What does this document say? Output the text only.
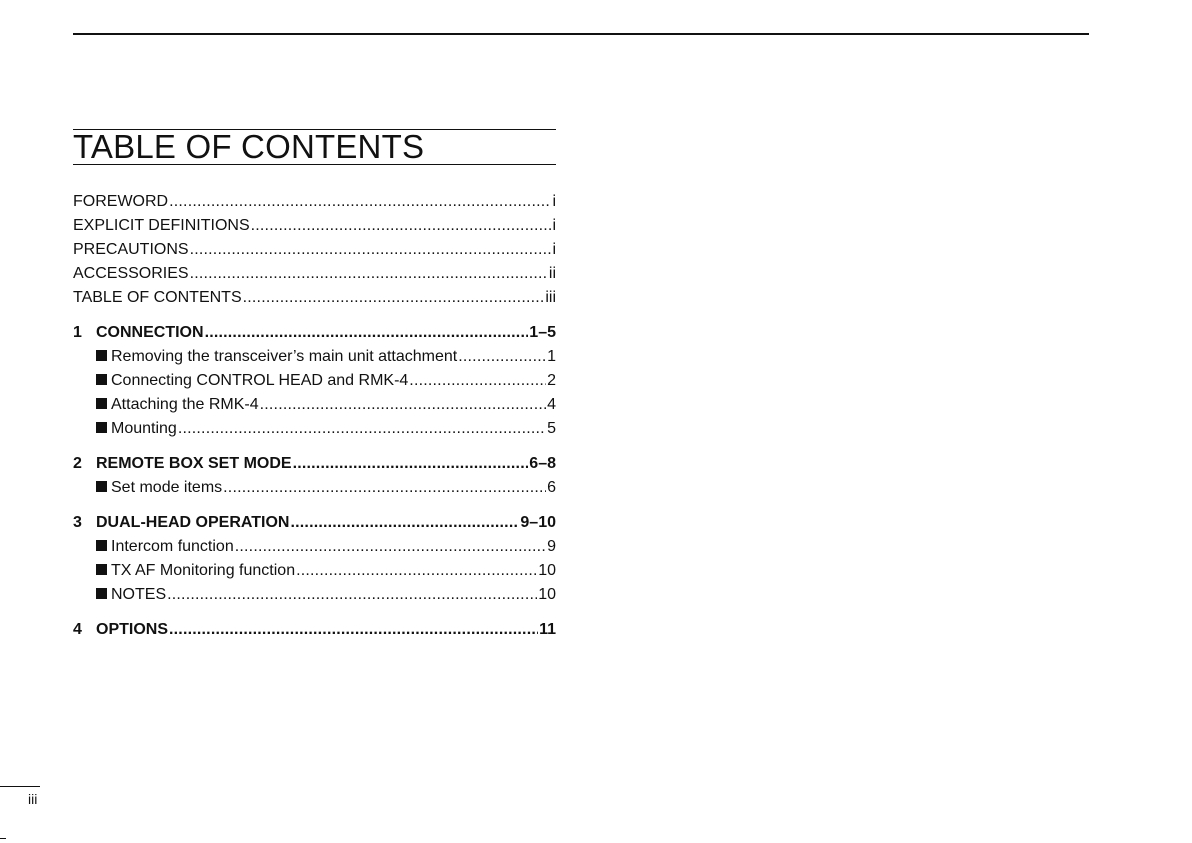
TABLE OF CONTENTS
FOREWORD .....	i
EXPLICIT DEFINITIONS .....	i
PRECAUTIONS .....	i
ACCESSORIES .....	ii
TABLE OF CONTENTS .....	iii
1 CONNECTION .....	1–5
Removing the transceiver’s main unit attachment .....	1
Connecting CONTROL HEAD and RMK-4 .....	2
Attaching the RMK-4 .....	4
Mounting .....	5
2 REMOTE BOX SET MODE .....	6–8
Set mode items .....	6
3 DUAL-HEAD OPERATION .....	9–10
Intercom function .....	9
TX AF Monitoring function .....	10
NOTES .....	10
4 OPTIONS .....	11
iii
